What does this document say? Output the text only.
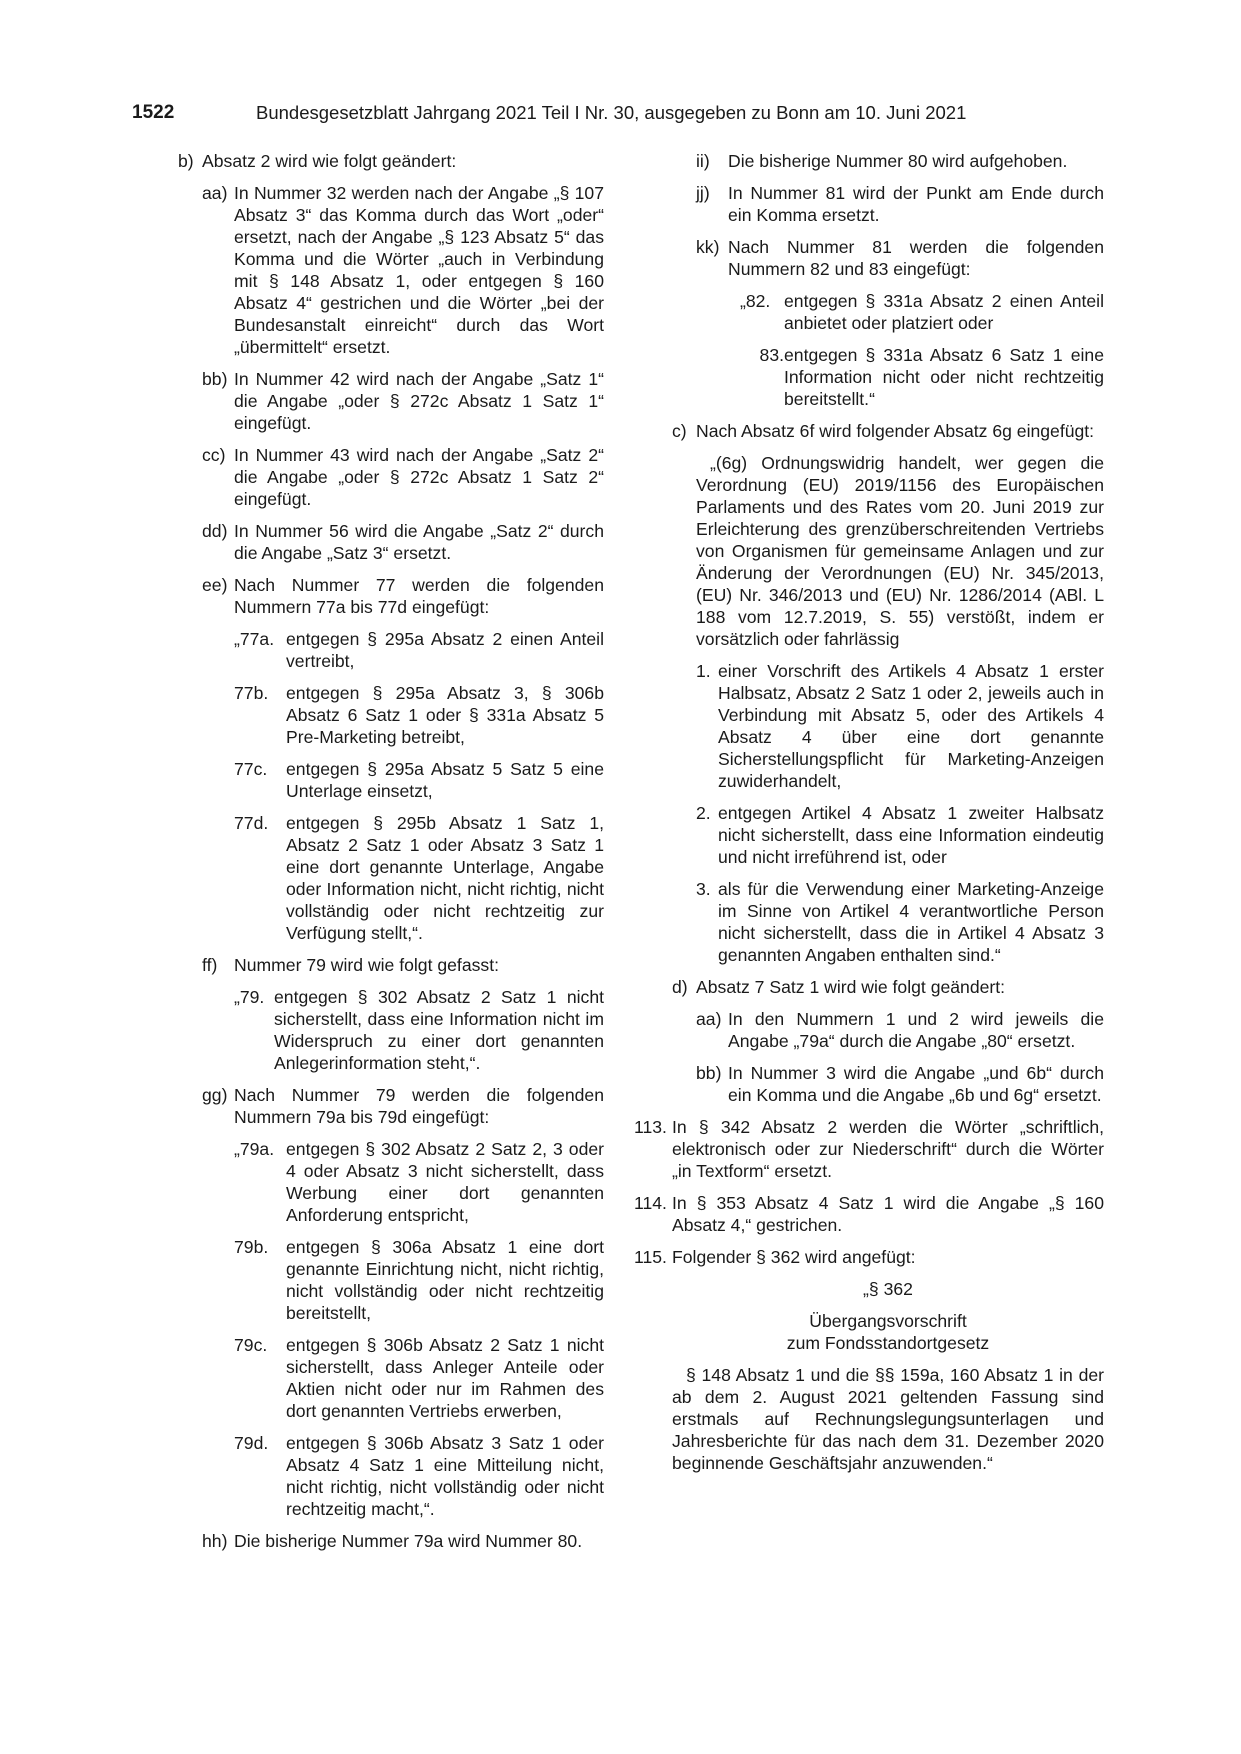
1522	Bundesgesetzblatt Jahrgang 2021 Teil I Nr. 30, ausgegeben zu Bonn am 10. Juni 2021
b) Absatz 2 wird wie folgt geändert:
aa) In Nummer 32 werden nach der Angabe „§ 107 Absatz 3“ das Komma durch das Wort „oder“ ersetzt, nach der Angabe „§ 123 Absatz 5“ das Komma und die Wörter „auch in Verbindung mit § 148 Absatz 1, oder entgegen § 160 Absatz 4“ gestrichen und die Wörter „bei der Bundesanstalt einreicht“ durch das Wort „übermittelt“ ersetzt.
bb) In Nummer 42 wird nach der Angabe „Satz 1“ die Angabe „oder § 272c Absatz 1 Satz 1“ eingefügt.
cc) In Nummer 43 wird nach der Angabe „Satz 2“ die Angabe „oder § 272c Absatz 1 Satz 2“ eingefügt.
dd) In Nummer 56 wird die Angabe „Satz 2“ durch die Angabe „Satz 3“ ersetzt.
ee) Nach Nummer 77 werden die folgenden Nummern 77a bis 77d eingefügt:
„77a. entgegen § 295a Absatz 2 einen Anteil vertreibt,
77b.	entgegen § 295a Absatz 3, § 306b Absatz 6 Satz 1 oder § 331a Absatz 5 Pre-Marketing betreibt,
77c.	entgegen § 295a Absatz 5 Satz 5 eine Unterlage einsetzt,
77d.	entgegen § 295b Absatz 1 Satz 1, Absatz 2 Satz 1 oder Absatz 3 Satz 1 eine dort genannte Unterlage, Angabe oder Information nicht, nicht richtig, nicht vollständig oder nicht rechtzeitig zur Verfügung stellt,“.
ff) Nummer 79 wird wie folgt gefasst:
„79. entgegen § 302 Absatz 2 Satz 1 nicht sicherstellt, dass eine Information nicht im Widerspruch zu einer dort genannten Anlegerinformation steht,“.
gg) Nach Nummer 79 werden die folgenden Nummern 79a bis 79d eingefügt:
„79a. entgegen § 302 Absatz 2 Satz 2, 3 oder 4 oder Absatz 3 nicht sicherstellt, dass Werbung einer dort genannten Anforderung entspricht,
79b.	entgegen § 306a Absatz 1 eine dort genannte Einrichtung nicht, nicht richtig, nicht vollständig oder nicht rechtzeitig bereitstellt,
79c.	entgegen § 306b Absatz 2 Satz 1 nicht sicherstellt, dass Anleger Anteile oder Aktien nicht oder nur im Rahmen des dort genannten Vertriebs erwerben,
79d.	entgegen § 306b Absatz 3 Satz 1 oder Absatz 4 Satz 1 eine Mitteilung nicht, nicht richtig, nicht vollständig oder nicht rechtzeitig macht,“.
hh) Die bisherige Nummer 79a wird Nummer 80.
ii)	Die bisherige Nummer 80 wird aufgehoben.
jj)	In Nummer 81 wird der Punkt am Ende durch ein Komma ersetzt.
kk) Nach Nummer 81 werden die folgenden Nummern 82 und 83 eingefügt:
„82. entgegen § 331a Absatz 2 einen Anteil anbietet oder platziert oder
83. entgegen § 331a Absatz 6 Satz 1 eine Information nicht oder nicht rechtzeitig bereitstellt.“
c) Nach Absatz 6f wird folgender Absatz 6g eingefügt:
„(6g) Ordnungswidrig handelt, wer gegen die Verordnung (EU) 2019/1156 des Europäischen Parlaments und des Rates vom 20. Juni 2019 zur Erleichterung des grenzüberschreitenden Vertriebs von Organismen für gemeinsame Anlagen und zur Änderung der Verordnungen (EU) Nr. 345/2013, (EU) Nr. 346/2013 und (EU) Nr. 1286/2014 (ABl. L 188 vom 12.7.2019, S. 55) verstößt, indem er vorsätzlich oder fahrlässig
1. einer Vorschrift des Artikels 4 Absatz 1 erster Halbsatz, Absatz 2 Satz 1 oder 2, jeweils auch in Verbindung mit Absatz 5, oder des Artikels 4 Absatz 4 über eine dort genannte Sicherstellungspflicht für Marketing-Anzeigen zuwiderhandelt,
2. entgegen Artikel 4 Absatz 1 zweiter Halbsatz nicht sicherstellt, dass eine Information eindeutig und nicht irreführend ist, oder
3. als für die Verwendung einer Marketing-Anzeige im Sinne von Artikel 4 verantwortliche Person nicht sicherstellt, dass die in Artikel 4 Absatz 3 genannten Angaben enthalten sind.“
d) Absatz 7 Satz 1 wird wie folgt geändert:
aa) In den Nummern 1 und 2 wird jeweils die Angabe „79a“ durch die Angabe „80“ ersetzt.
bb) In Nummer 3 wird die Angabe „und 6b“ durch ein Komma und die Angabe „6b und 6g“ ersetzt.
113. In § 342 Absatz 2 werden die Wörter „schriftlich, elektronisch oder zur Niederschrift“ durch die Wörter „in Textform“ ersetzt.
114. In § 353 Absatz 4 Satz 1 wird die Angabe „§ 160 Absatz 4,“ gestrichen.
115. Folgender § 362 wird angefügt:
„§ 362
Übergangsvorschrift
zum Fondsstandortgesetz
§ 148 Absatz 1 und die §§ 159a, 160 Absatz 1 in der ab dem 2. August 2021 geltenden Fassung sind erstmals auf Rechnungslegungsunterlagen und Jahresberichte für das nach dem 31. Dezember 2020 beginnende Geschäftsjahr anzuwenden.“
